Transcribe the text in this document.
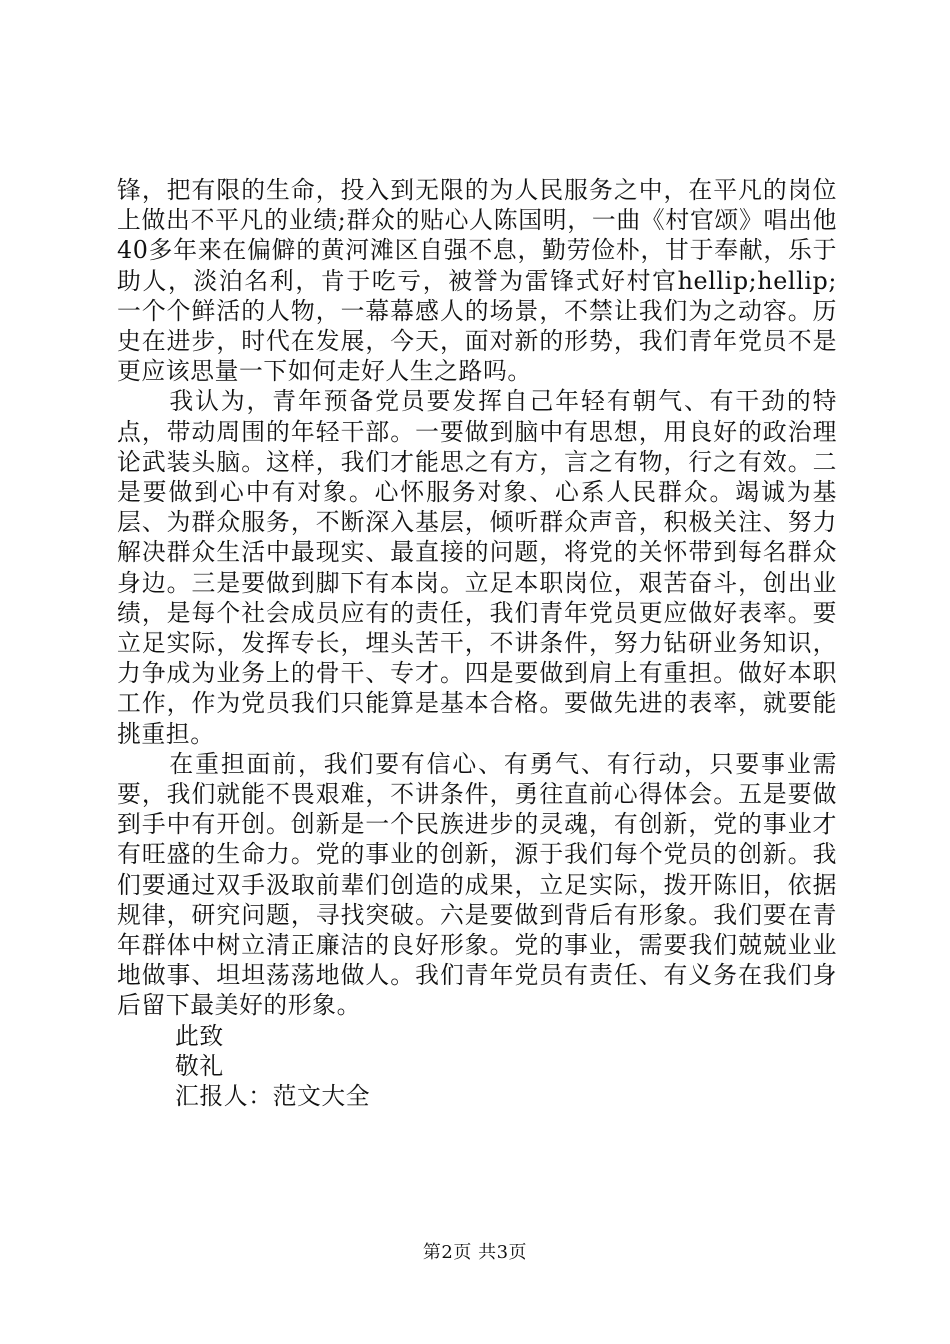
锋，把有限的生命，投入到无限的为人民服务之中，在平凡的岗位上做出不平凡的业绩;群众的贴心人陈国明，一曲《村官颂》唱出他40多年来在偏僻的黄河滩区自强不息，勤劳俭朴，甘于奉献，乐于助人，淡泊名利，肯于吃亏，被誉为雷锋式好村官hellip;hellip;一个个鲜活的人物，一幕幕感人的场景，不禁让我们为之动容。历史在进步，时代在发展，今天，面对新的形势，我们青年党员不是更应该思量一下如何走好人生之路吗。

我认为，青年预备党员要发挥自己年轻有朝气、有干劲的特点，带动周围的年轻干部。一要做到脑中有思想，用良好的政治理论武装头脑。这样，我们才能思之有方，言之有物，行之有效。二是要做到心中有对象。心怀服务对象、心系人民群众。竭诚为基层、为群众服务，不断深入基层，倾听群众声音，积极关注、努力解决群众生活中最现实、最直接的问题，将党的关怀带到每名群众身边。三是要做到脚下有本岗。立足本职岗位，艰苦奋斗，创出业绩，是每个社会成员应有的责任，我们青年党员更应做好表率。要立足实际，发挥专长，埋头苦干，不讲条件，努力钻研业务知识，力争成为业务上的骨干、专才。四是要做到肩上有重担。做好本职工作，作为党员我们只能算是基本合格。要做先进的表率，就要能挑重担。

在重担面前，我们要有信心、有勇气、有行动，只要事业需要，我们就能不畏艰难，不讲条件，勇往直前心得体会。五是要做到手中有开创。创新是一个民族进步的灵魂，有创新，党的事业才有旺盛的生命力。党的事业的创新，源于我们每个党员的创新。我们要通过双手汲取前辈们创造的成果，立足实际，拨开陈旧，依据规律，研究问题，寻找突破。六是要做到背后有形象。我们要在青年群体中树立清正廉洁的良好形象。党的事业，需要我们兢兢业业地做事、坦坦荡荡地做人。我们青年党员有责任、有义务在我们身后留下最美好的形象。

此致

敬礼

汇报人：范文大全

第2页 共3页
